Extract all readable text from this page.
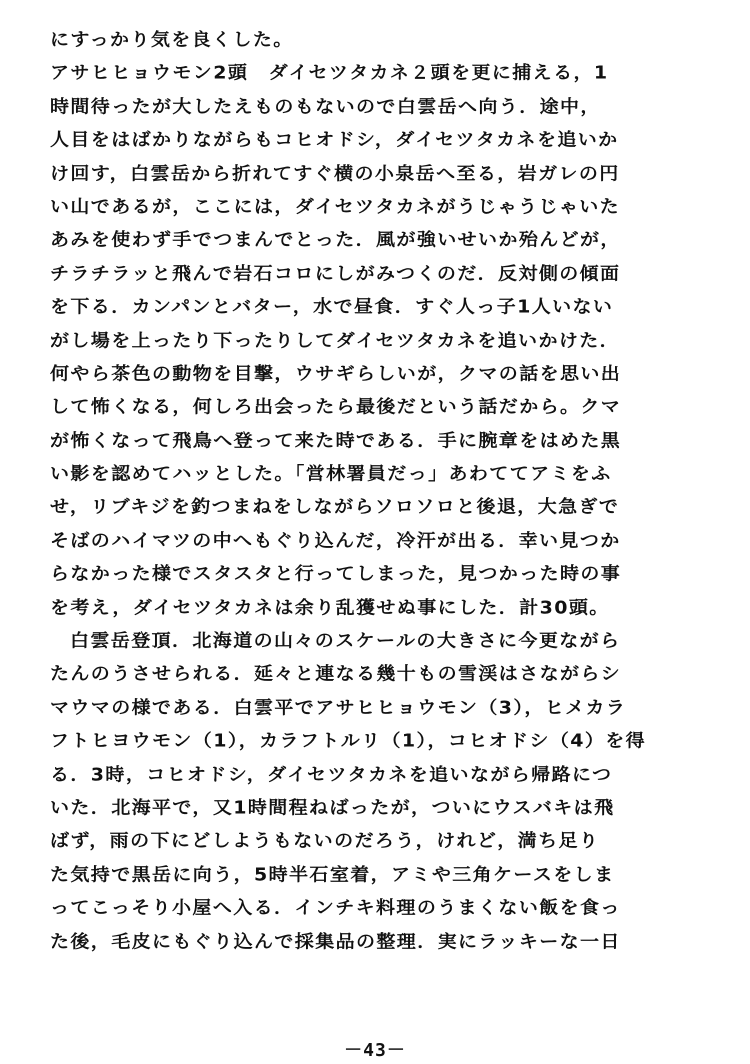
にすっかり気を良くした。
アサヒヒョウモン2頭　ダイセツタカネ２頭を更に捕える，1
時間待ったが大したえものもないので白雲岳へ向う．途中，
人目をはばかりながらもコヒオドシ，ダイセツタカネを追いか
け回す，白雲岳から折れてすぐ横の小泉岳へ至る，岩ガレの円
い山であるが，ここには，ダイセツタカネがうじゃうじゃいた
あみを使わず手でつまんでとった．風が強いせいか殆んどが，
チラチラッと飛んで岩石コロにしがみつくのだ．反対側の傾面
を下る．カンパンとバター，水で昼食．すぐ人っ子1人いない
がし場を上ったり下ったりしてダイセツタカネを追いかけた．
何やら茶色の動物を目撃，ウサギらしいが，クマの話を思い出
して怖くなる，何しろ出会ったら最後だという話だから。クマ
が怖くなって飛鳥へ登って来た時である．手に腕章をはめた黒
い影を認めてハッとした。「営林署員だっ」あわててアミをふ
せ，リブキジを釣つまねをしながらソロソロと後退，大急ぎで
そばのハイマツの中へもぐり込んだ，冷汗が出る．幸い見つか
らなかった様でスタスタと行ってしまった，見つかった時の事
を考え，ダイセツタカネは余り乱獲せぬ事にした．計30頭。
白雲岳登頂．北海道の山々のスケールの大きさに今更ながら
たんのうさせられる．延々と連なる幾十もの雪渓はさながらシ
マウマの様である．白雲平でアサヒヒョウモン（3），ヒメカラ
フトヒヨウモン（1），カラフトルリ（1），コヒオドシ（4）を得
る．3時，コヒオドシ，ダイセツタカネを追いながら帰路につ
いた．北海平で，又1時間程ねばったが，ついにウスバキは飛
ばず，雨の下にどしようもないのだろう，けれど，満ち足り
た気持で黒岳に向う，5時半石室着，アミや三角ケースをしま
ってこっそり小屋へ入る．インチキ料理のうまくない飯を食っ
た後，毛皮にもぐり込んで採集品の整理．実にラッキーな一日
－43－
